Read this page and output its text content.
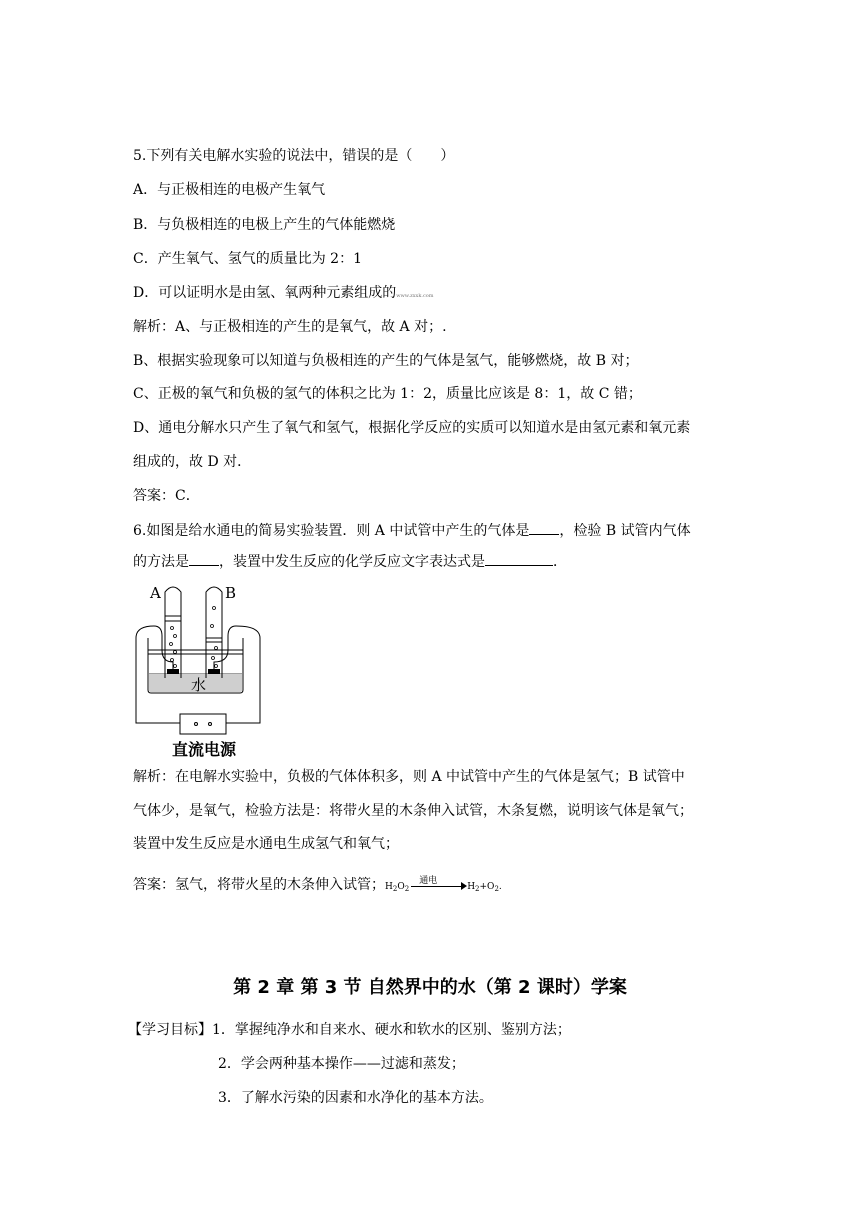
5.下列有关电解水实验的说法中，错误的是（　　）
A．与正极相连的电极产生氧气
B．与负极相连的电极上产生的气体能燃烧
C．产生氧气、氢气的质量比为 2：1
D．可以证明水是由氢、氧两种元素组成的www.zxxk.com
解析：A、与正极相连的产生的是氧气，故 A 对；.
B、根据实验现象可以知道与负极相连的产生的气体是氢气，能够燃烧，故 B 对；
C、正极的氧气和负极的氢气的体积之比为 1：2，质量比应该是 8：1，故 C 错；
D、通电分解水只产生了氧气和氢气，根据化学反应的实质可以知道水是由氢元素和氧元素
组成的，故 D 对．
答案：C．
6.如图是给水通电的简易实验装置．则 A 中试管中产生的气体是 ，检验 B 试管内气体
的方法是 ，装置中发生反应的化学反应文字表达式是	．
A	B
水
直流电源
解析：在电解水实验中，负极的气体体积多，则 A 中试管中产生的气体是氢气；B 试管中
气体少，是氧气，检验方法是：将带火星的木条伸入试管，木条复燃，说明该气体是氧气；
装置中发生反应是水通电生成氢气和氧气；
答案：氢气，将带火星的木条伸入试管；$H_2O_2$
通电
$H_2+O_2$.
第 2 章 第 3 节 自然界中的水（第 2 课时）学案
【学习目标】1．掌握纯净水和自来水、硬水和软水的区别、鉴别方法；
2．学会两种基本操作——过滤和蒸发；
3．了解水污染的因素和水净化的基本方法。
